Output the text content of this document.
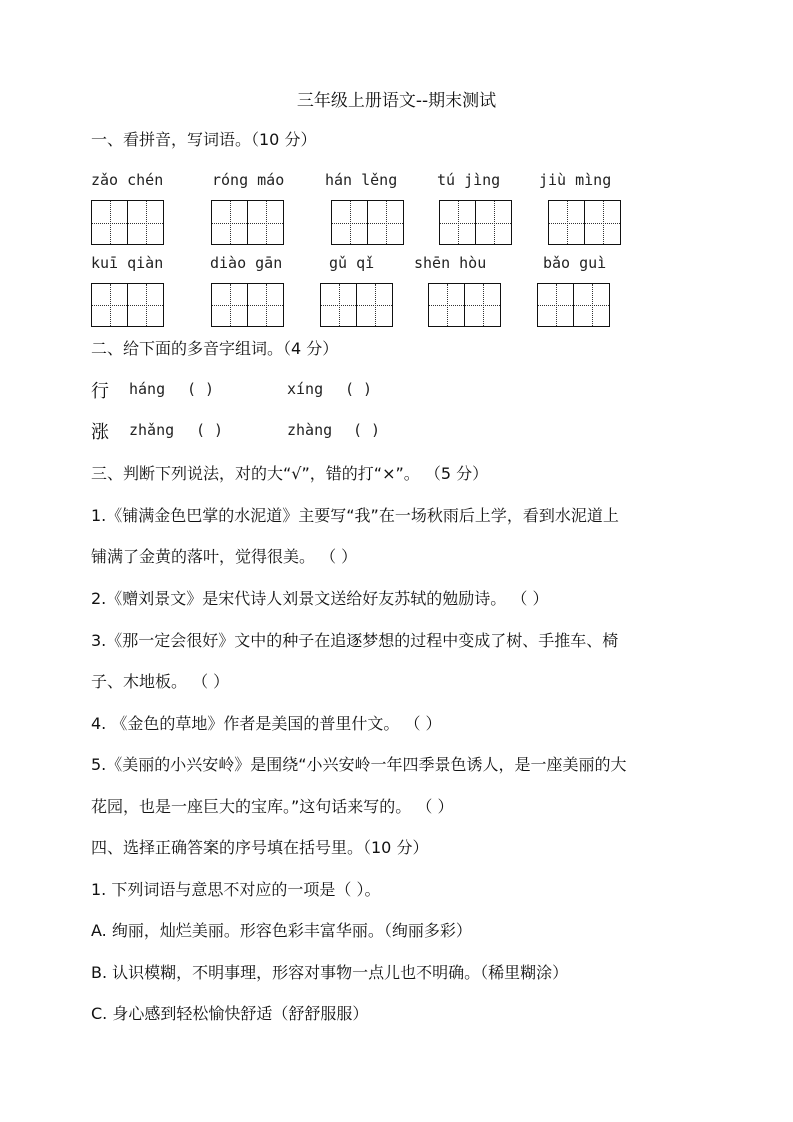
三年级上册语文--期末测试
一、看拼音，写词语。（10 分）
zǎo chén	róng máo	hán lěng	tú jìng	jiù mìng
kuī qiàn	diào gān	gǔ qǐ	shēn hòu	bǎo guì
二、给下面的多音字组词。（4 分）
行 háng ( )	xíng ( )
涨 zhǎng ( )	zhàng ( )
三、判断下列说法，对的大“√”，错的打“×”。 （5 分）
1.《铺满金色巴掌的水泥道》主要写“我”在一场秋雨后上学，看到水泥道上
铺满了金黄的落叶，觉得很美。 （ ）
2.《赠刘景文》是宋代诗人刘景文送给好友苏轼的勉励诗。 （ ）
3.《那一定会很好》文中的种子在追逐梦想的过程中变成了树、手推车、椅
子、木地板。 （ ）
4. 《金色的草地》作者是美国的普里什文。 （ ）
5.《美丽的小兴安岭》是围绕“小兴安岭一年四季景色诱人，是一座美丽的大
花园，也是一座巨大的宝库。”这句话来写的。 （ ）
四、选择正确答案的序号填在括号里。（10 分）
1. 下列词语与意思不对应的一项是（ ）。
A. 绚丽，灿烂美丽。形容色彩丰富华丽。（绚丽多彩）
B. 认识模糊，不明事理，形容对事物一点儿也不明确。（稀里糊涂）
C. 身心感到轻松愉快舒适（舒舒服服）
